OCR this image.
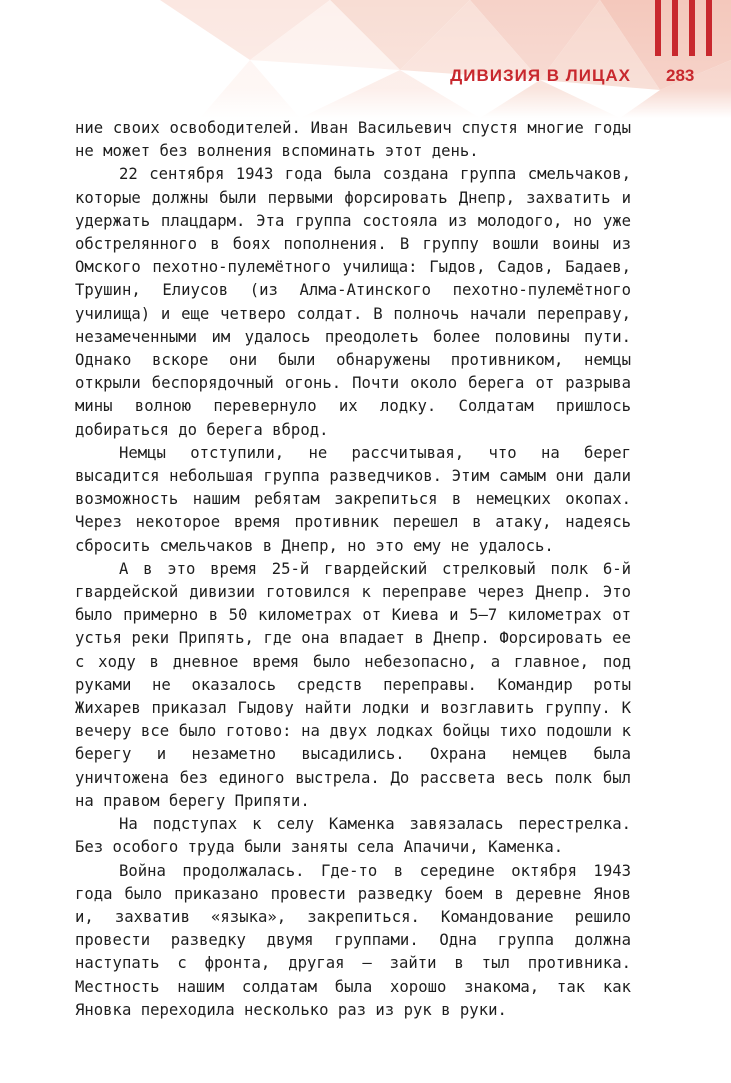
ДИВИЗИЯ В ЛИЦАХ 283

ние своих освободителей. Иван Васильевич спустя многие годы не может без волнения вспоминать этот день.

22 сентября 1943 года была создана группа смельчаков, которые должны были первыми форсировать Днепр, захватить и удержать плацдарм. Эта группа состояла из молодого, но уже обстрелянного в боях пополнения. В группу вошли воины из Омского пехотно-пулемётного училища: Гыдов, Садов, Бадаев, Трушин, Елиусов (из Алма-Атинского пехотно-пулемётного училища) и еще четверо солдат. В полночь начали переправу, незамеченными им удалось преодолеть более половины пути. Однако вскоре они были обнаружены противником, немцы открыли беспорядочный огонь. Почти около берега от разрыва мины волною перевернуло их лодку. Солдатам пришлось добираться до берега вброд.

Немцы отступили, не рассчитывая, что на берег высадится небольшая группа разведчиков. Этим самым они дали возможность нашим ребятам закрепиться в немецких окопах. Через некоторое время противник перешел в атаку, надеясь сбросить смельчаков в Днепр, но это ему не удалось.

А в это время 25-й гвардейский стрелковый полк 6-й гвардейской дивизии готовился к переправе через Днепр. Это было примерно в 50 километрах от Киева и 5–7 километрах от устья реки Припять, где она впадает в Днепр. Форсировать ее с ходу в дневное время было небезопасно, а главное, под руками не оказалось средств переправы. Командир роты Жихарев приказал Гыдову найти лодки и возглавить группу. К вечеру все было готово: на двух лодках бойцы тихо подошли к берегу и незаметно высадились. Охрана немцев была уничтожена без единого выстрела. До рассвета весь полк был на правом берегу Припяти.

На подступах к селу Каменка завязалась перестрелка. Без особого труда были заняты села Апачичи, Каменка.

Война продолжалась. Где-то в середине октября 1943 года было приказано провести разведку боем в деревне Янов и, захватив «языка», закрепиться. Командование решило провести разведку двумя группами. Одна группа должна наступать с фронта, другая — зайти в тыл противника. Местность нашим солдатам была хорошо знакома, так как Яновка переходила несколько раз из рук в руки.
